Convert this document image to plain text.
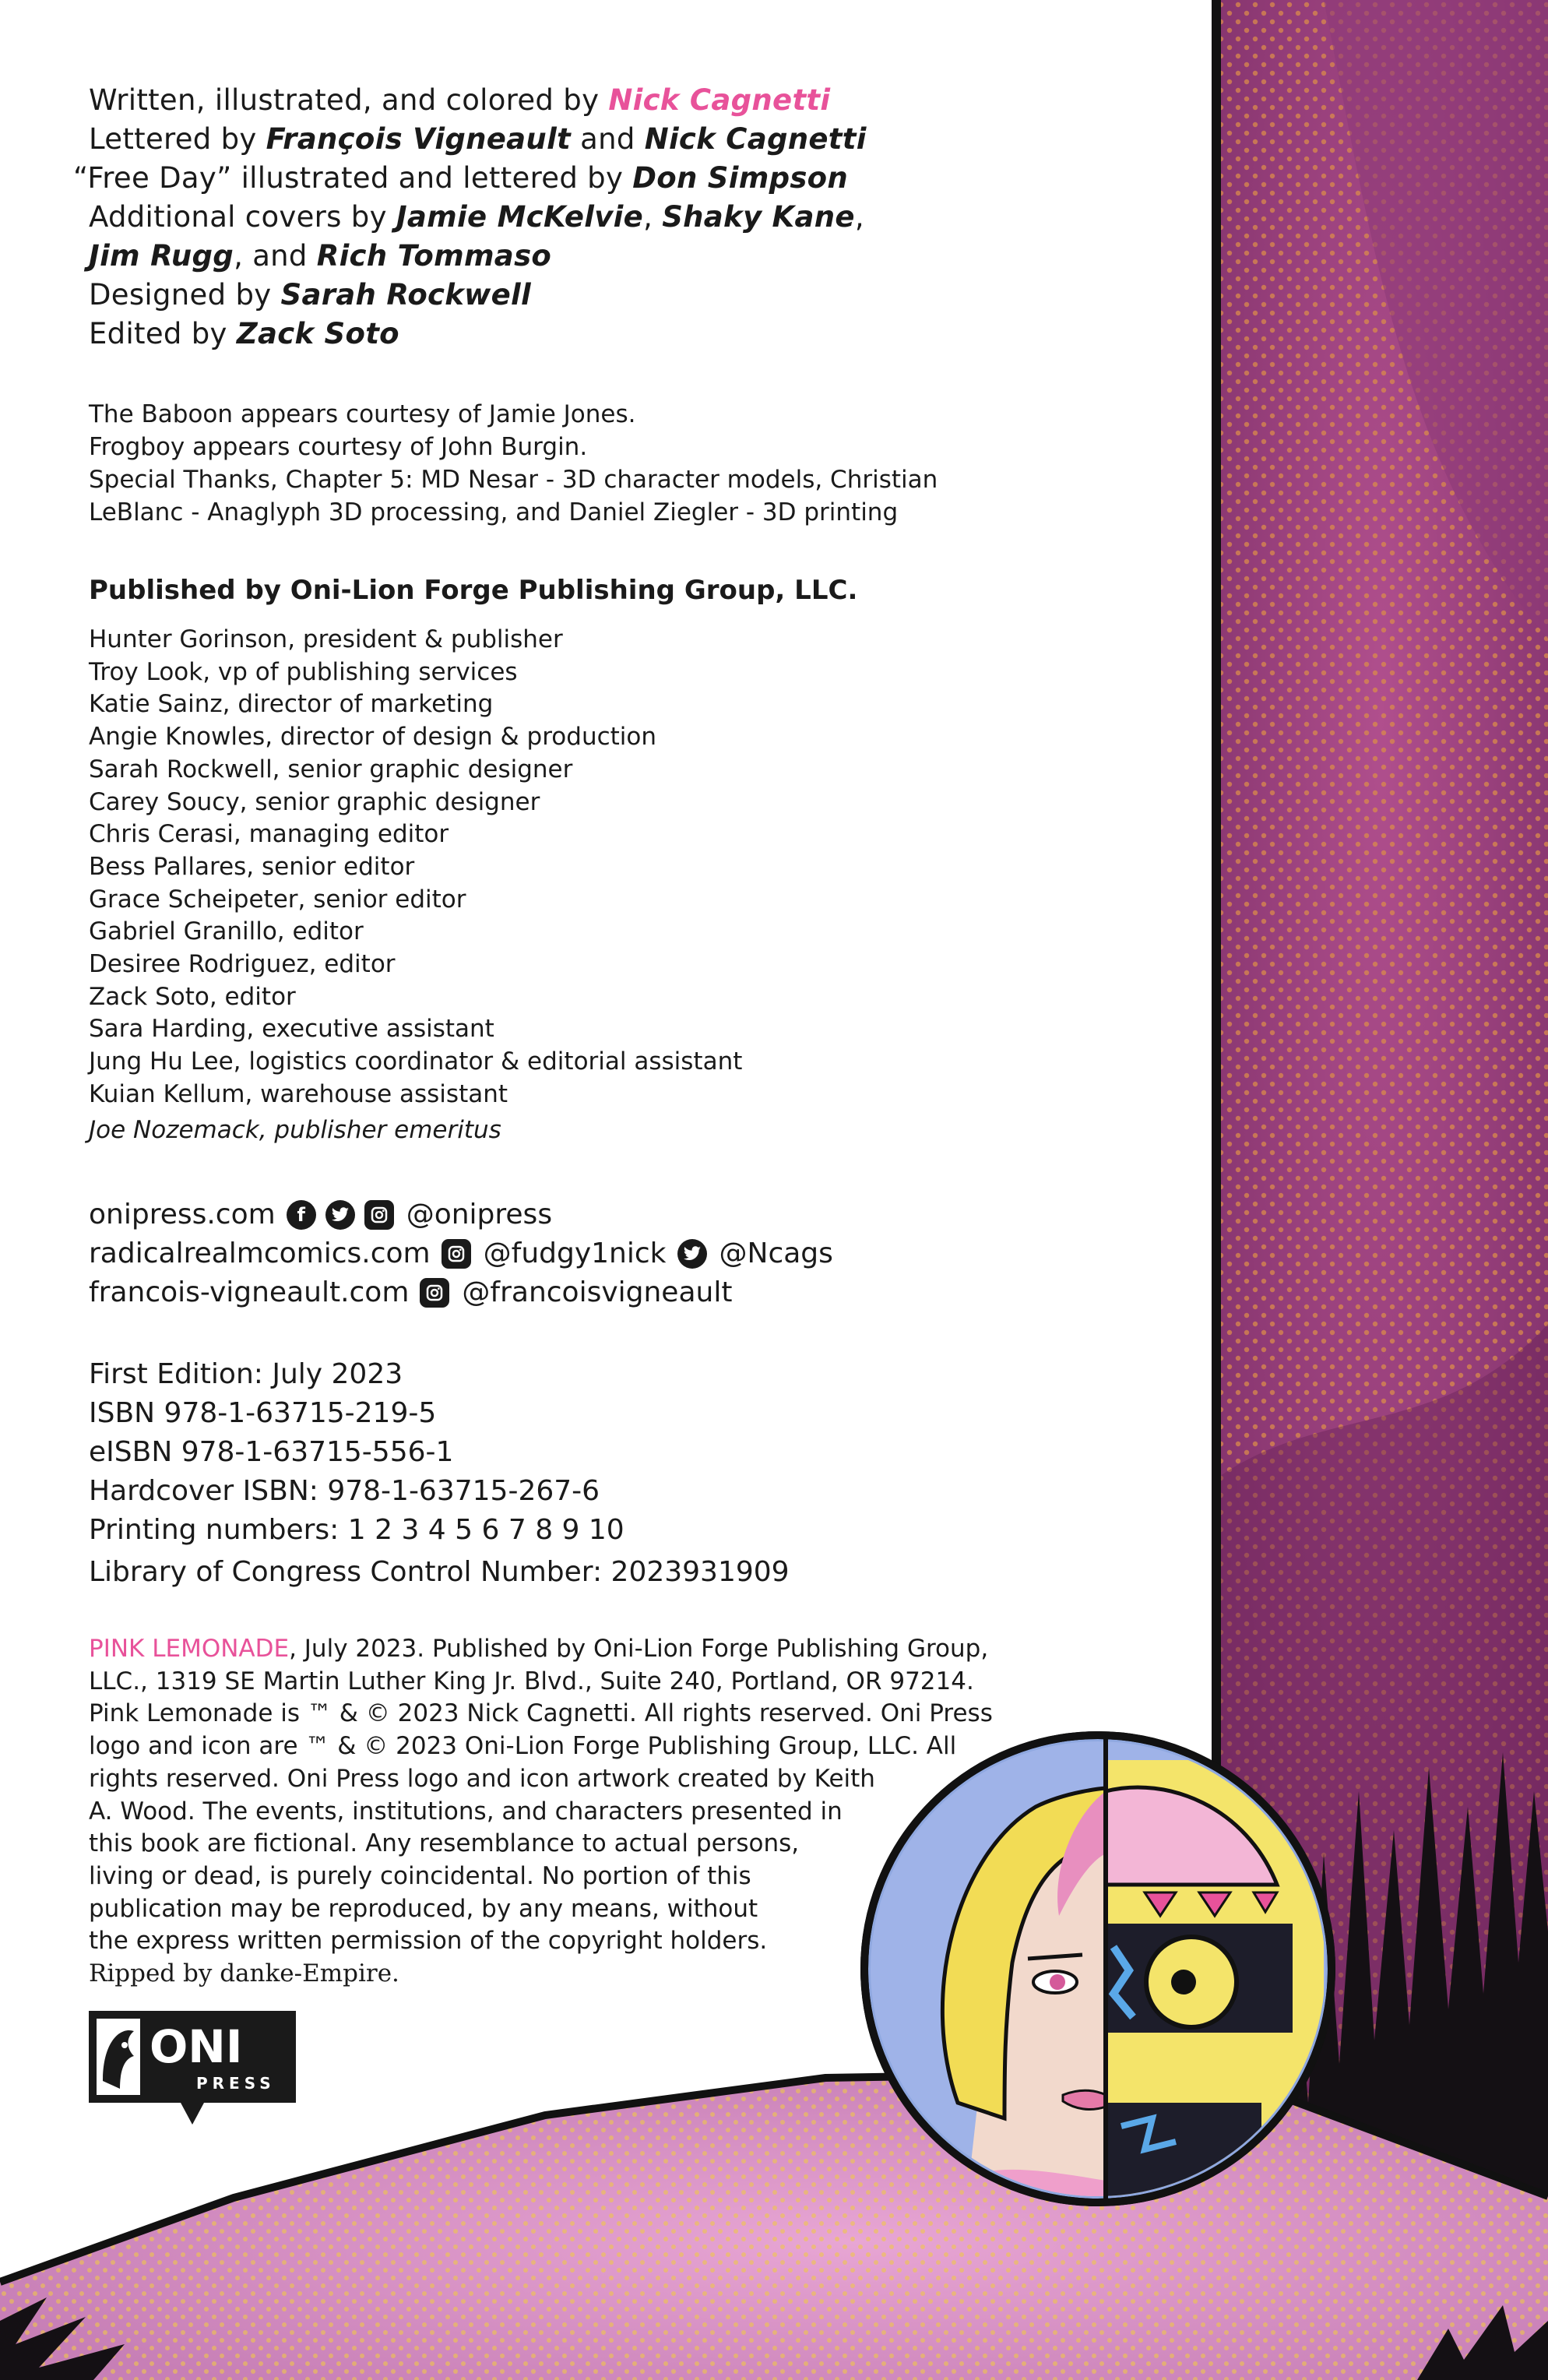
Written, illustrated, and colored by Nick Cagnetti
Lettered by François Vigneault and Nick Cagnetti
“Free Day” illustrated and lettered by Don Simpson
Additional covers by Jamie McKelvie, Shaky Kane,
Jim Rugg, and Rich Tommaso
Designed by Sarah Rockwell
Edited by Zack Soto
The Baboon appears courtesy of Jamie Jones.
Frogboy appears courtesy of John Burgin.
Special Thanks, Chapter 5: MD Nesar - 3D character models, Christian
LeBlanc - Anaglyph 3D processing, and Daniel Ziegler - 3D printing
Published by Oni-Lion Forge Publishing Group, LLC.
Hunter Gorinson, president & publisher
Troy Look, vp of publishing services
Katie Sainz, director of marketing
Angie Knowles, director of design & production
Sarah Rockwell, senior graphic designer
Carey Soucy, senior graphic designer
Chris Cerasi, managing editor
Bess Pallares, senior editor
Grace Scheipeter, senior editor
Gabriel Granillo, editor
Desiree Rodriguez, editor
Zack Soto, editor
Sara Harding, executive assistant
Jung Hu Lee, logistics coordinator & editorial assistant
Kuian Kellum, warehouse assistant
Joe Nozemack, publisher emeritus
onipress.com	f	@onipress
radicalrealmcomics.com @fudgy1nick @Ncags
francois-vigneault.com @francoisvigneault
First Edition: July 2023
ISBN 978-1-63715-219-5
eISBN 978-1-63715-556-1
Hardcover ISBN: 978-1-63715-267-6
Printing numbers: 1 2 3 4 5 6 7 8 9 10
Library of Congress Control Number: 2023931909
PINK LEMONADE, July 2023. Published by Oni-Lion Forge Publishing Group,
LLC., 1319 SE Martin Luther King Jr. Blvd., Suite 240, Portland, OR 97214.
Pink Lemonade is ™ & © 2023 Nick Cagnetti. All rights reserved. Oni Press
logo and icon are ™ & © 2023 Oni-Lion Forge Publishing Group, LLC. All
rights reserved. Oni Press logo and icon artwork created by Keith
A. Wood. The events, institutions, and characters presented in
this book are fictional. Any resemblance to actual persons,
living or dead, is purely coincidental. No portion of this
publication may be reproduced, by any means, without
the express written permission of the copyright holders.
Ripped by danke-Empire.
ONI
PRESS
